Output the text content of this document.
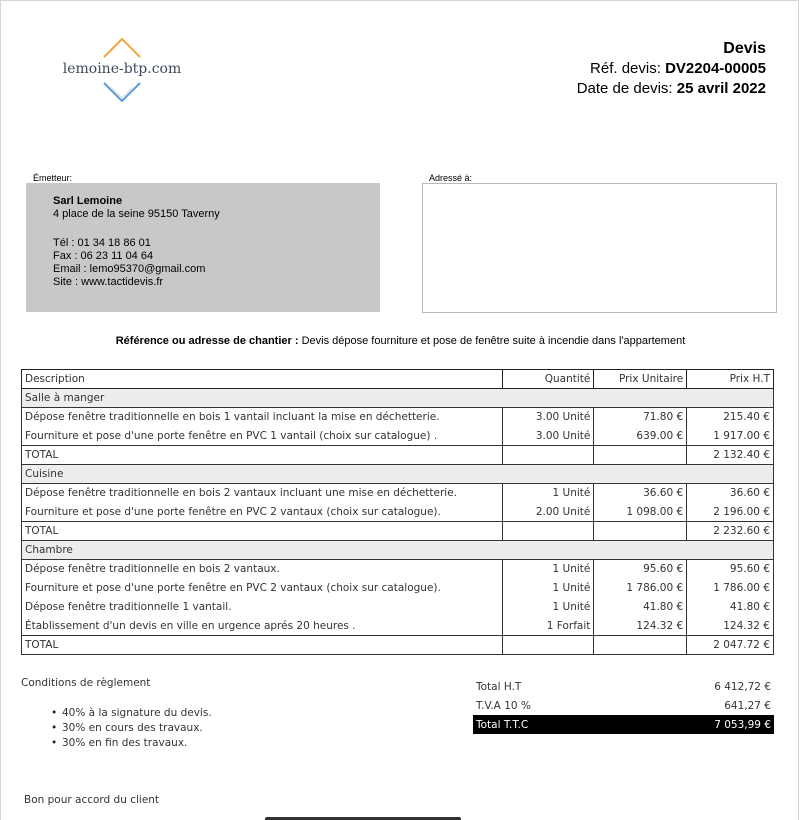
lemoine-btp.com
Devis
Réf. devis: DV2204-00005
Date de devis: 25 avril 2022
Émetteur:
Sarl Lemoine
4 place de la seine 95150 Taverny
Tél : 01 34 18 86 01
Fax : 06 23 11 04 64
Email : lemo95370@gmail.com
Site : www.tactidevis.fr
Adressé à:
Référence ou adresse de chantier : Devis dépose fourniture et pose de fenêtre suite à incendie dans l'appartement
Description	Quantité	Prix Unitaire	Prix H.T
Salle à manger			
Dépose fenêtre traditionnelle en bois 1 vantail incluant la mise en déchetterie.	3.00 Unité	71.80 €	215.40 €
Fourniture et pose d'une porte fenêtre en PVC 1 vantail (choix sur catalogue) .	3.00 Unité	639.00 €	1 917.00 €
TOTAL			2 132.40 €
Cuisine			
Dépose fenêtre traditionnelle en bois 2 vantaux incluant une mise en déchetterie.	1 Unité	36.60 €	36.60 €
Fourniture et pose d'une porte fenêtre en PVC 2 vantaux (choix sur catalogue).	2.00 Unité	1 098.00 €	2 196.00 €
TOTAL			2 232.60 €
Chambre			
Dépose fenêtre traditionnelle en bois 2 vantaux.	1 Unité	95.60 €	95.60 €
Fourniture et pose d'une porte fenêtre en PVC 2 vantaux (choix sur catalogue).	1 Unité	1 786.00 €	1 786.00 €
Dépose fenêtre traditionnelle 1 vantail.	1 Unité	41.80 €	41.80 €
Établissement d'un devis en ville en urgence aprés 20 heures .	1 Forfait	124.32 €	124.32 €
TOTAL			2 047.72 €
Conditions de règlement
• 40% à la signature du devis.
• 30% en cours des travaux.
• 30% en fin des travaux.
Total H.T	6 412,72 €
T.V.A 10 %	641,27 €
Total T.T.C	7 053,99 €
Bon pour accord du client
